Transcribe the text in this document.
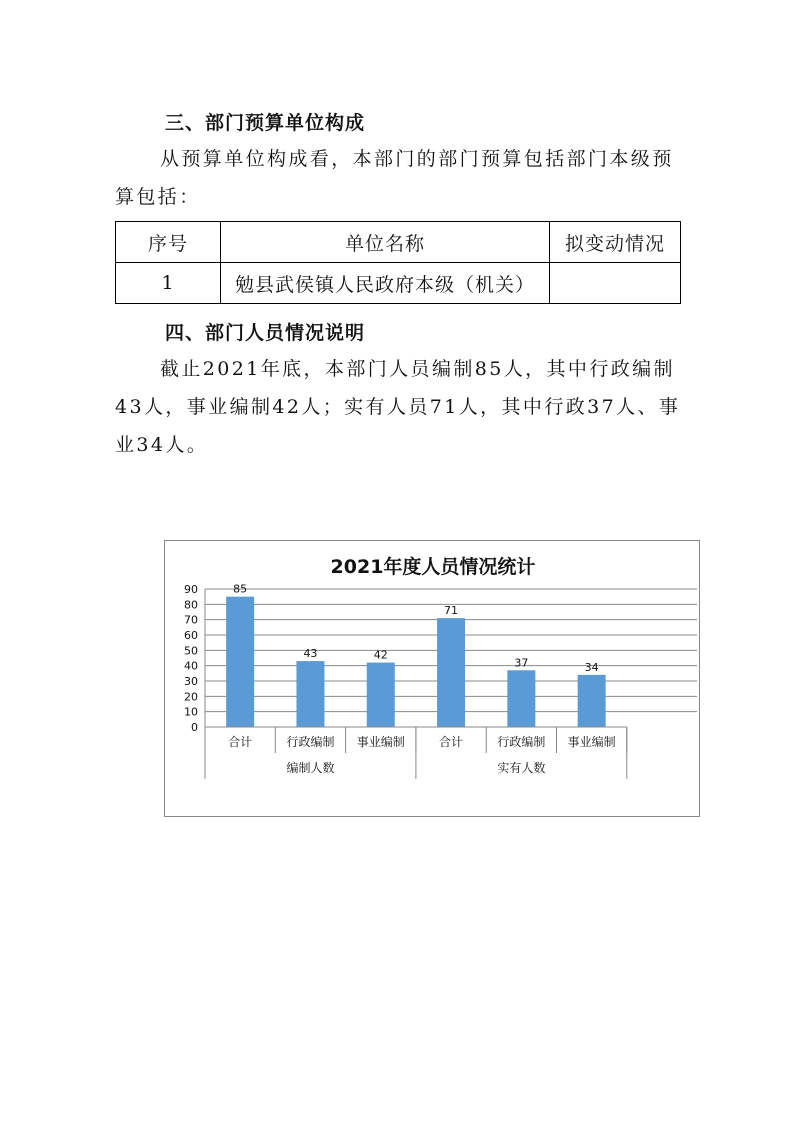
三、部门预算单位构成

从预算单位构成看，本部门的部门预算包括部门本级预算包括：

序号	单位名称	拟变动情况
1	勉县武侯镇人民政府本级（机关）	
四、部门人员情况说明

截止2021年底，本部门人员编制85人，其中行政编制43人，事业编制42人；实有人员71人，其中行政37人、事业34人。

2021年度人员情况统计
85
43	42
71
37	34
0
10
20
30
40
50
60
70
80
90
合计	行政编制 事业编制	合计	行政编制 事业编制
编制人数	实有人数
